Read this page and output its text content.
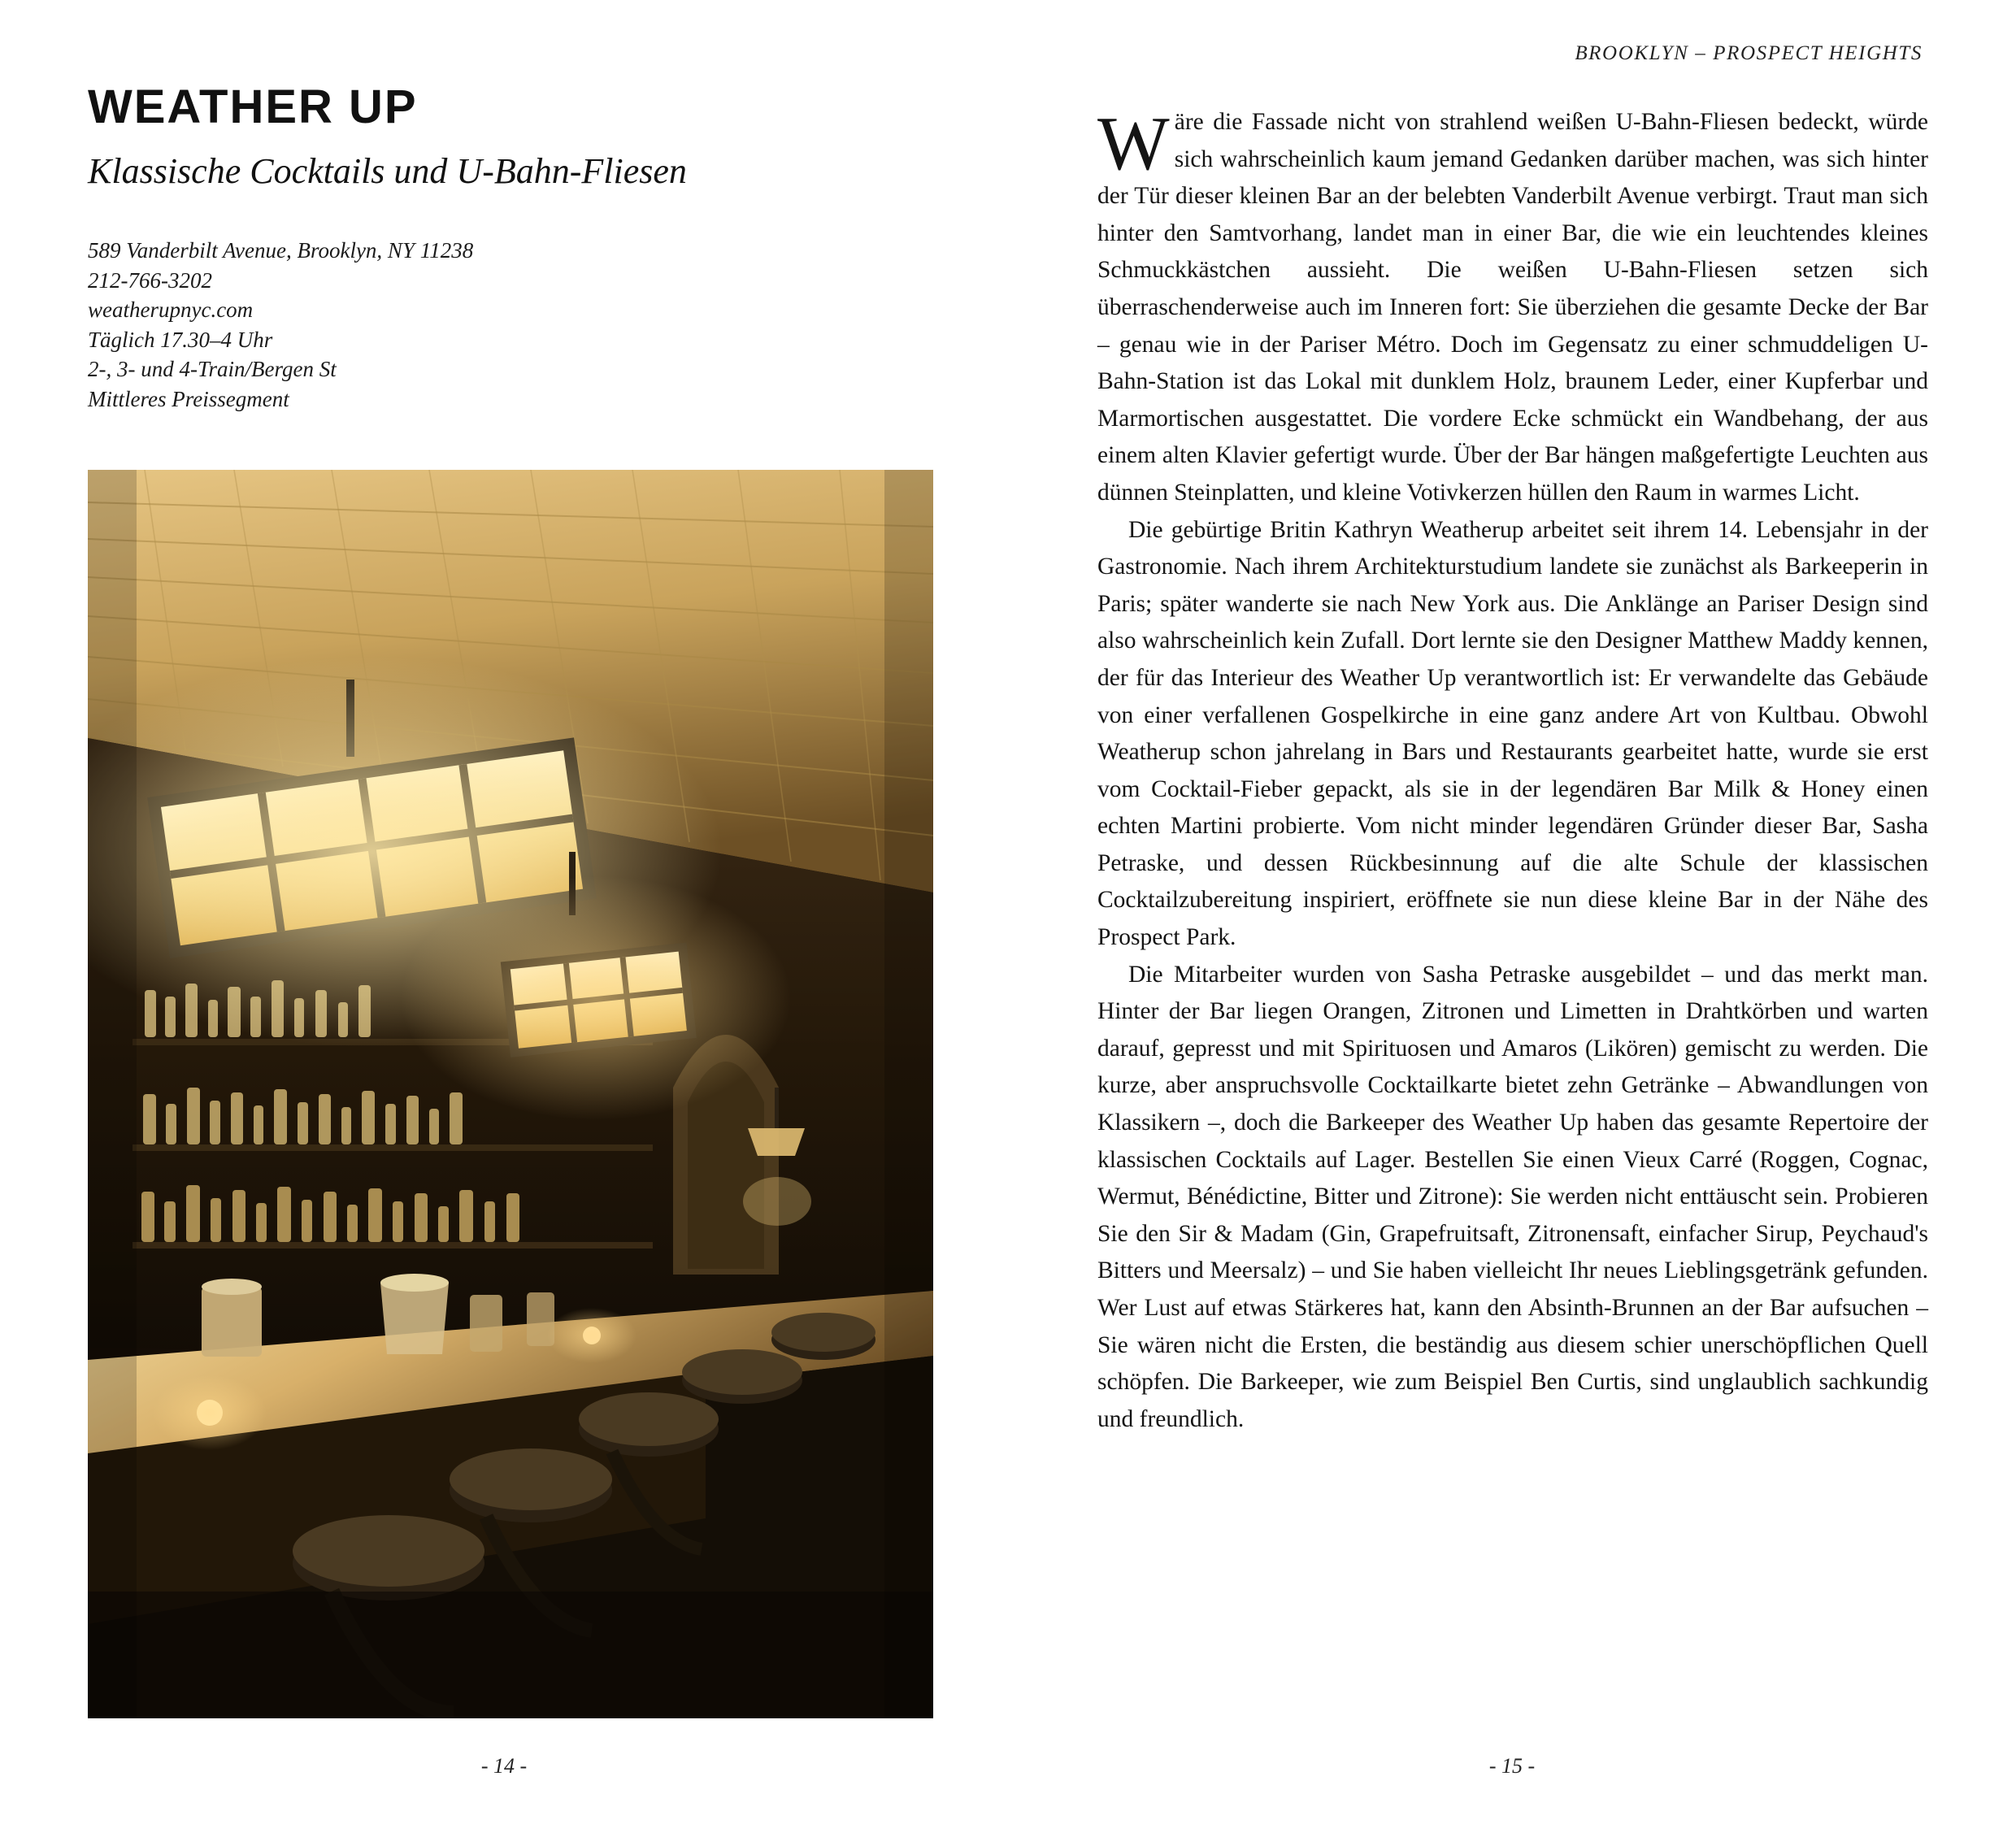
WEATHER UP
Klassische Cocktails und U-Bahn-Fliesen
589 Vanderbilt Avenue, Brooklyn, NY 11238
212-766-3202
weatherupnyc.com
Täglich 17.30–4 Uhr
2-, 3- und 4-Train/Bergen St
Mittleres Preissegment
- 14 -
BROOKLYN – PROSPECT HEIGHTS

Wäre die Fassade nicht von strahlend weißen U-Bahn-Fliesen bedeckt, würde sich wahrscheinlich kaum jemand Gedanken darüber machen, was sich hinter der Tür dieser kleinen Bar an der belebten Vanderbilt Avenue verbirgt. Traut man sich hinter den Samtvorhang, landet man in einer Bar, die wie ein leuchtendes kleines Schmuckkästchen aussieht. Die weißen U-Bahn-Fliesen setzen sich überraschenderweise auch im Inneren fort: Sie überziehen die gesamte Decke der Bar – genau wie in der Pariser Métro. Doch im Gegensatz zu einer schmuddeligen U-Bahn-Station ist das Lokal mit dunklem Holz, braunem Leder, einer Kupferbar und Marmortischen ausgestattet. Die vordere Ecke schmückt ein Wandbehang, der aus einem alten Klavier gefertigt wurde. Über der Bar hängen maßgefertigte Leuchten aus dünnen Steinplatten, und kleine Votivkerzen hüllen den Raum in warmes Licht.

Die gebürtige Britin Kathryn Weatherup arbeitet seit ihrem 14. Lebensjahr in der Gastronomie. Nach ihrem Architekturstudium landete sie zunächst als Barkeeperin in Paris; später wanderte sie nach New York aus. Die Anklänge an Pariser Design sind also wahrscheinlich kein Zufall. Dort lernte sie den Designer Matthew Maddy kennen, der für das Interieur des Weather Up verantwortlich ist: Er verwandelte das Gebäude von einer verfallenen Gospelkirche in eine ganz andere Art von Kultbau. Obwohl Weatherup schon jahrelang in Bars und Restaurants gearbeitet hatte, wurde sie erst vom Cocktail-Fieber gepackt, als sie in der legendären Bar Milk & Honey einen echten Martini probierte. Vom nicht minder legendären Gründer dieser Bar, Sasha Petraske, und dessen Rückbesinnung auf die alte Schule der klassischen Cocktailzubereitung inspiriert, eröffnete sie nun diese kleine Bar in der Nähe des Prospect Park.

Die Mitarbeiter wurden von Sasha Petraske ausgebildet – und das merkt man. Hinter der Bar liegen Orangen, Zitronen und Limetten in Drahtkörben und warten darauf, gepresst und mit Spirituosen und Amaros (Likören) gemischt zu werden. Die kurze, aber anspruchsvolle Cocktailkarte bietet zehn Getränke – Abwandlungen von Klassikern –, doch die Barkeeper des Weather Up haben das gesamte Repertoire der klassischen Cocktails auf Lager. Bestellen Sie einen Vieux Carré (Roggen, Cognac, Wermut, Bénédictine, Bitter und Zitrone): Sie werden nicht enttäuscht sein. Probieren Sie den Sir & Madam (Gin, Grapefruitsaft, Zitronensaft, einfacher Sirup, Peychaud's Bitters und Meersalz) – und Sie haben vielleicht Ihr neues Lieblingsgetränk gefunden. Wer Lust auf etwas Stärkeres hat, kann den Absinth-Brunnen an der Bar aufsuchen – Sie wären nicht die Ersten, die beständig aus diesem schier unerschöpflichen Quell schöpfen. Die Barkeeper, wie zum Beispiel Ben Curtis, sind unglaublich sachkundig und freundlich.

- 15 -
